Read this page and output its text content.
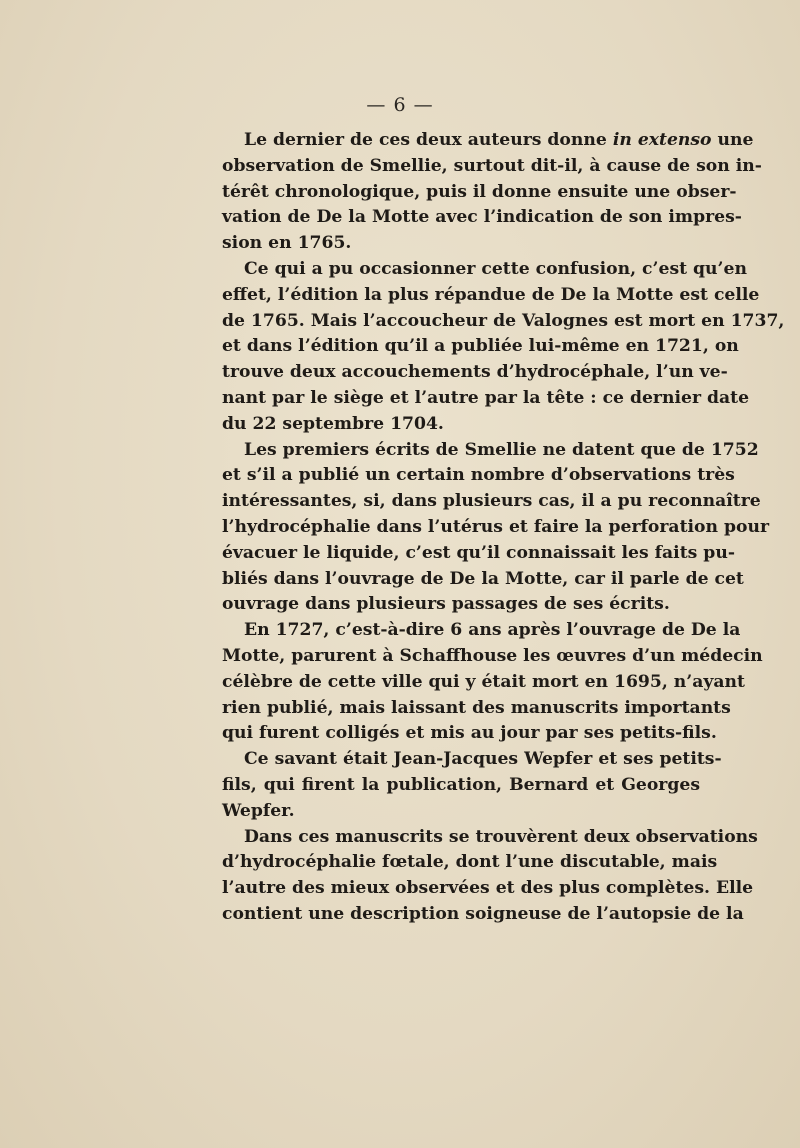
— 6 —

Le dernier de ces deux auteurs donne in extenso une
observation de Smellie, surtout dit-il, à cause de son in-
térêt chronologique, puis il donne ensuite une obser-
vation de De la Motte avec l’indication de son impres-
sion en 1765.

Ce qui a pu occasionner cette confusion, c’est qu’en
effet, l’édition la plus répandue de De la Motte est celle
de 1765. Mais l’accoucheur de Valognes est mort en 1737,
et dans l’édition qu’il a publiée lui-même en 1721, on
trouve deux accouchements d’hydrocéphale, l’un ve-
nant par le siège et l’autre par la tête : ce dernier date
du 22 septembre 1704.

Les premiers écrits de Smellie ne datent que de 1752
et s’il a publié un certain nombre d’observations très
intéressantes, si, dans plusieurs cas, il a pu reconnaître
l’hydrocéphalie dans l’utérus et faire la perforation pour
évacuer le liquide, c’est qu’il connaissait les faits pu-
bliés dans l’ouvrage de De la Motte, car il parle de cet
ouvrage dans plusieurs passages de ses écrits.

En 1727, c’est-à-dire 6 ans après l’ouvrage de De la
Motte, parurent à Schaffhouse les œuvres d’un médecin
célèbre de cette ville qui y était mort en 1695, n’ayant
rien publié, mais laissant des manuscrits importants
qui furent colligés et mis au jour par ses petits-fils.

Ce savant était Jean-Jacques Wepfer et ses petits-
fils, qui firent la publication, Bernard et Georges
Wepfer.

Dans ces manuscrits se trouvèrent deux observations
d’hydrocéphalie fœtale, dont l’une discutable, mais
l’autre des mieux observées et des plus complètes. Elle
contient une description soigneuse de l’autopsie de la
